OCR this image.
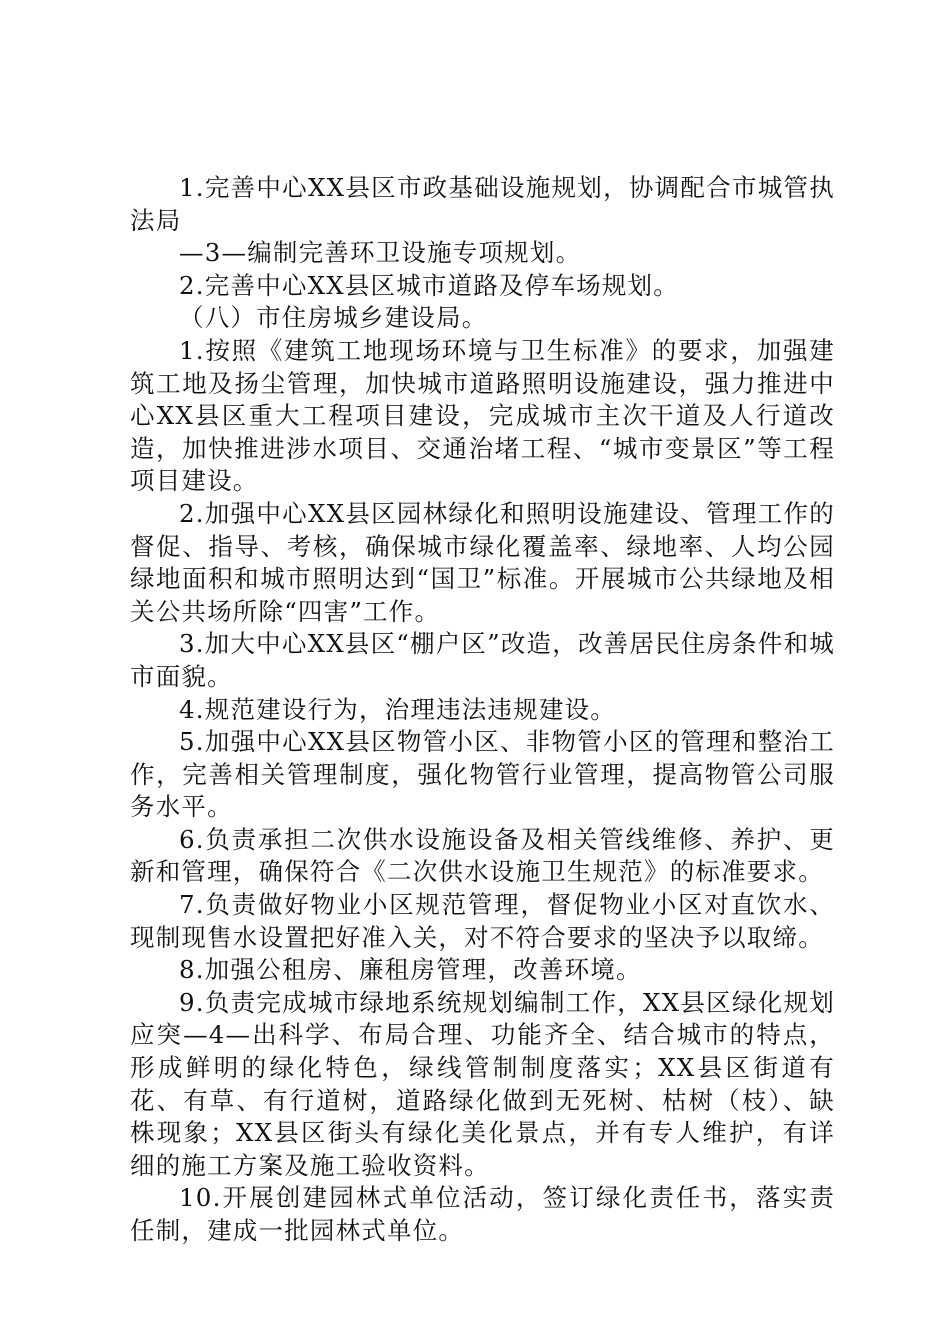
1.完善中心XX县区市政基础设施规划，协调配合市城管执法局

—3—编制完善环卫设施专项规划。

2.完善中心XX县区城市道路及停车场规划。

（八）市住房城乡建设局。

1.按照《建筑工地现场环境与卫生标准》的要求，加强建筑工地及扬尘管理，加快城市道路照明设施建设，强力推进中心XX县区重大工程项目建设，完成城市主次干道及人行道改造，加快推进涉水项目、交通治堵工程、“城市变景区”等工程项目建设。

2.加强中心XX县区园林绿化和照明设施建设、管理工作的督促、指导、考核，确保城市绿化覆盖率、绿地率、人均公园绿地面积和城市照明达到“国卫”标准。开展城市公共绿地及相关公共场所除“四害”工作。

3.加大中心XX县区“棚户区”改造，改善居民住房条件和城市面貌。

4.规范建设行为，治理违法违规建设。

5.加强中心XX县区物管小区、非物管小区的管理和整治工作，完善相关管理制度，强化物管行业管理，提高物管公司服务水平。

6.负责承担二次供水设施设备及相关管线维修、养护、更新和管理，确保符合《二次供水设施卫生规范》的标准要求。

7.负责做好物业小区规范管理，督促物业小区对直饮水、现制现售水设置把好准入关，对不符合要求的坚决予以取缔。

8.加强公租房、廉租房管理，改善环境。

9.负责完成城市绿地系统规划编制工作，XX县区绿化规划应突—4—出科学、布局合理、功能齐全、结合城市的特点，形成鲜明的绿化特色，绿线管制制度落实；XX县区街道有花、有草、有行道树，道路绿化做到无死树、枯树（枝）、缺株现象；XX县区街头有绿化美化景点，并有专人维护，有详细的施工方案及施工验收资料。

10.开展创建园林式单位活动，签订绿化责任书，落实责任制，建成一批园林式单位。
